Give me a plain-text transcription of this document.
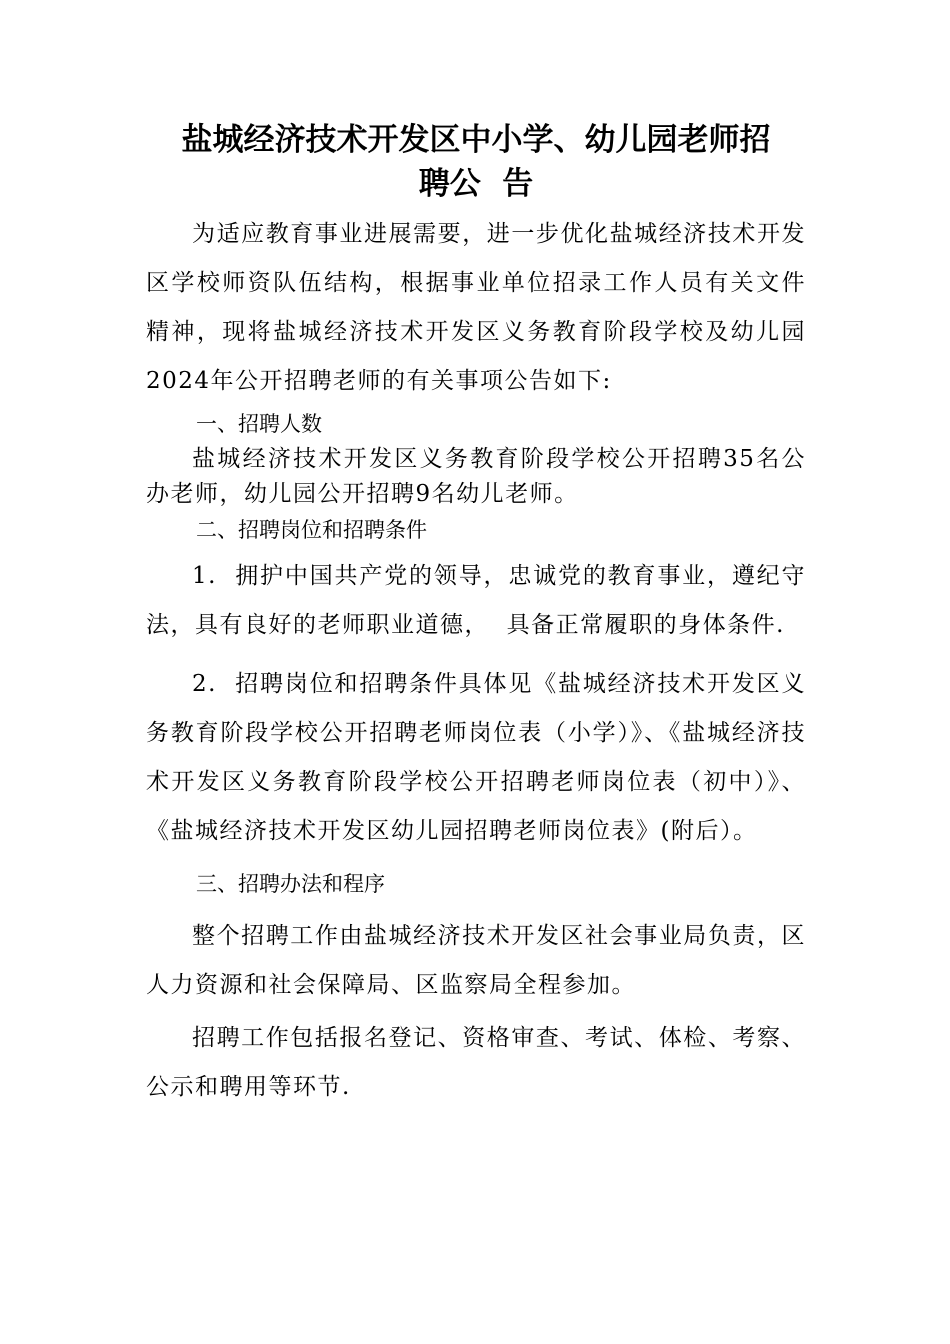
盐城经济技术开发区中小学、幼儿园老师招
聘公  告

为适应教育事业进展需要，进一步优化盐城经济技术开发区学校师资队伍结构，根据事业单位招录工作人员有关文件精神，现将盐城经济技术开发区义务教育阶段学校及幼儿园2024年公开招聘老师的有关事项公告如下:

一、招聘人数

盐城经济技术开发区义务教育阶段学校公开招聘35名公办老师，幼儿园公开招聘9名幼儿老师。

二、招聘岗位和招聘条件

1.  拥护中国共产党的领导，忠诚党的教育事业，遵纪守法，具有良好的老师职业道德，  具备正常履职的身体条件.

2.  招聘岗位和招聘条件具体见《盐城经济技术开发区义务教育阶段学校公开招聘老师岗位表（小学）》、《盐城经济技术开发区义务教育阶段学校公开招聘老师岗位表（初中）》、《盐城经济技术开发区幼儿园招聘老师岗位表》(附后）。

三、招聘办法和程序

整个招聘工作由盐城经济技术开发区社会事业局负责，区人力资源和社会保障局、区监察局全程参加。

招聘工作包括报名登记、资格审查、考试、体检、考察、公示和聘用等环节.
